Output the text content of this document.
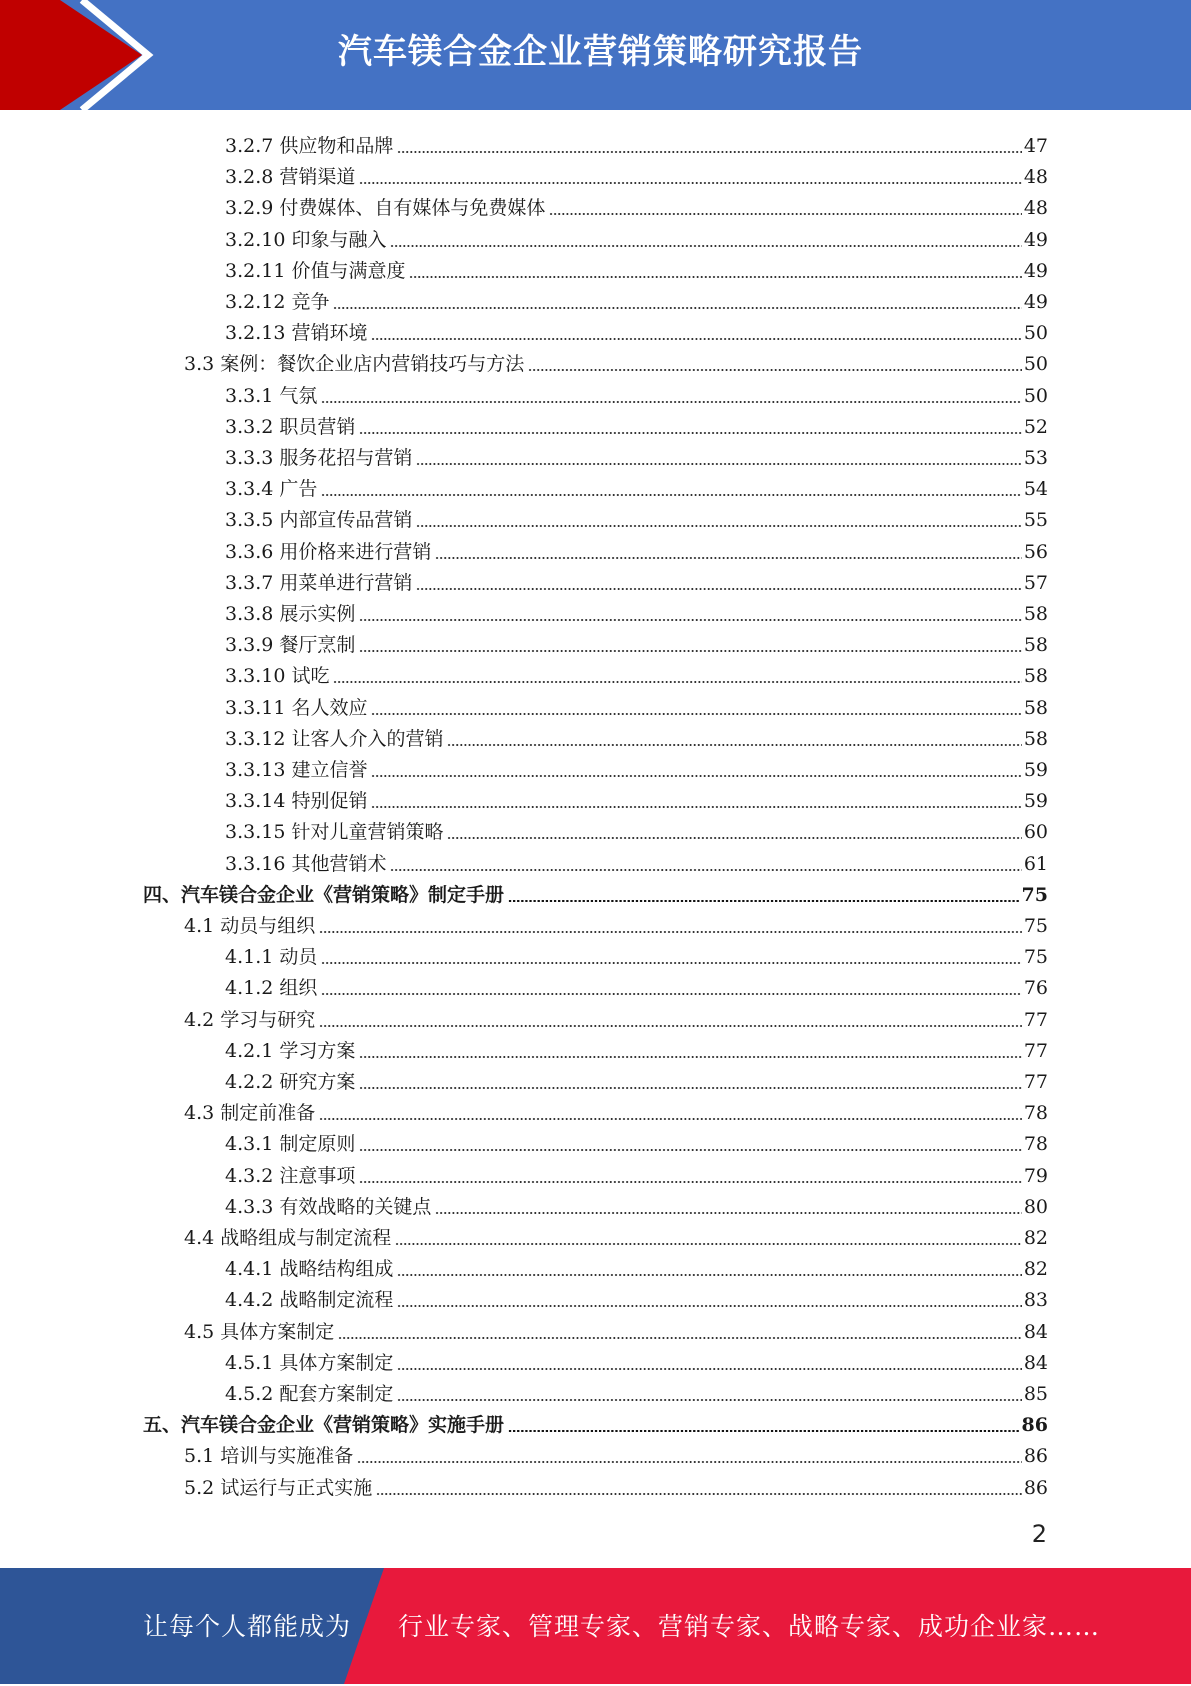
汽车镁合金企业营销策略研究报告
3.2.7 供应物和品牌	47
3.2.8 营销渠道	48
3.2.9 付费媒体、自有媒体与免费媒体	48
3.2.10 印象与融入	49
3.2.11 价值与满意度	49
3.2.12 竞争	49
3.2.13 营销环境	50
3.3 案例：餐饮企业店内营销技巧与方法	50
3.3.1 气氛	50
3.3.2 职员营销	52
3.3.3 服务花招与营销	53
3.3.4 广告	54
3.3.5 内部宣传品营销	55
3.3.6 用价格来进行营销	56
3.3.7 用菜单进行营销	57
3.3.8 展示实例	58
3.3.9 餐厅烹制	58
3.3.10 试吃	58
3.3.11 名人效应	58
3.3.12 让客人介入的营销	58
3.3.13 建立信誉	59
3.3.14 特别促销	59
3.3.15 针对儿童营销策略	60
3.3.16 其他营销术	61
四、汽车镁合金企业《营销策略》制定手册	75
4.1 动员与组织	75
4.1.1 动员	75
4.1.2 组织	76
4.2 学习与研究	77
4.2.1 学习方案	77
4.2.2 研究方案	77
4.3 制定前准备	78
4.3.1 制定原则	78
4.3.2 注意事项	79
4.3.3 有效战略的关键点	80
4.4 战略组成与制定流程	82
4.4.1 战略结构组成	82
4.4.2 战略制定流程	83
4.5 具体方案制定	84
4.5.1 具体方案制定	84
4.5.2 配套方案制定	85
五、汽车镁合金企业《营销策略》实施手册	86
5.1 培训与实施准备	86
5.2 试运行与正式实施	86
2
让每个人都能成为 行业专家、管理专家、营销专家、战略专家、成功企业家……
